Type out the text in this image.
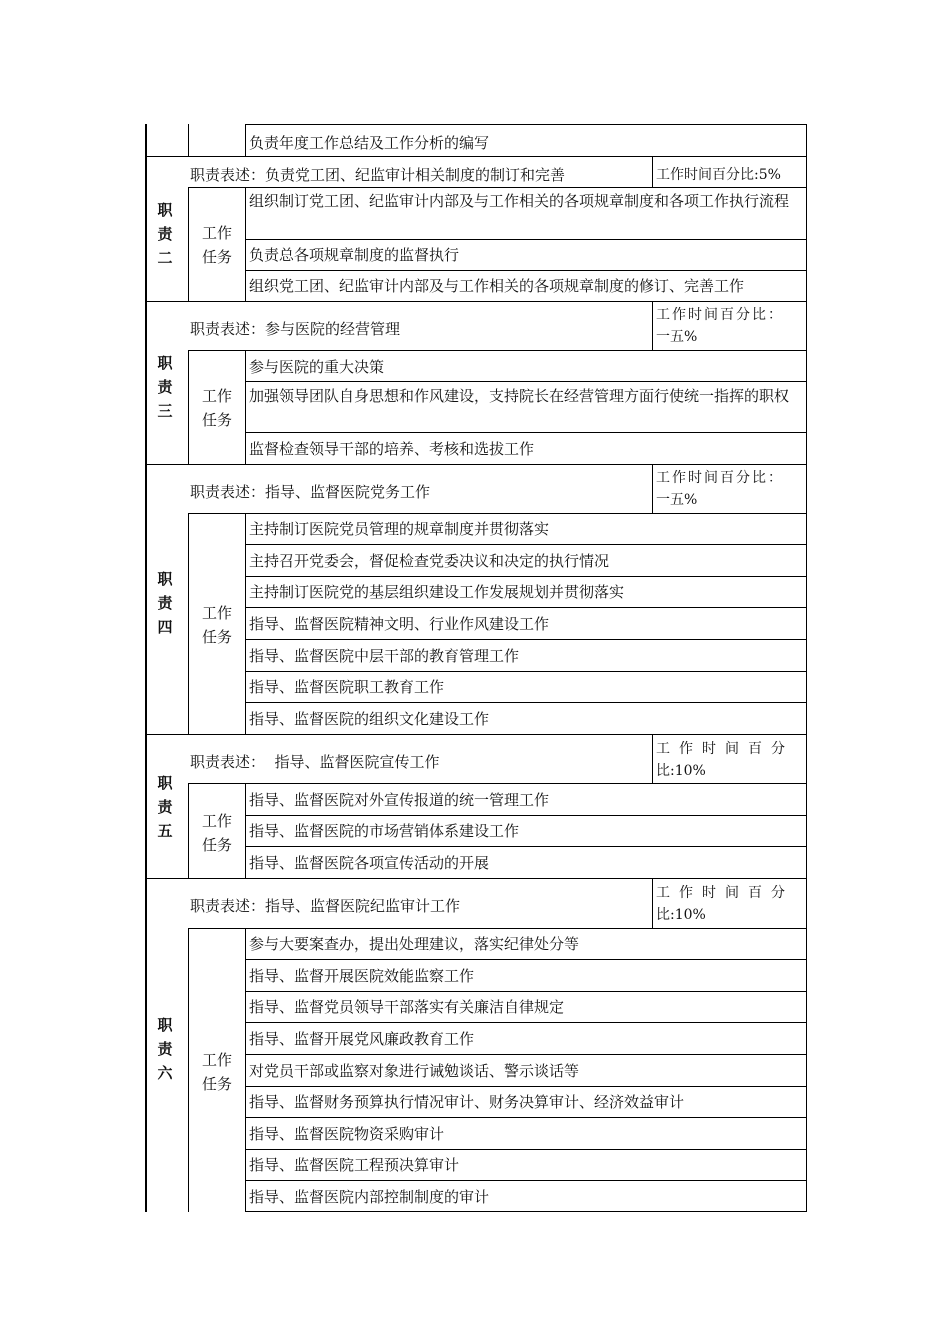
负责年度工作总结及工作分析的编写
职
责
二
职责表述：负责党工团、纪监审计相关制度的制订和完善	工作时间百分比:5%
工作
任务
组织制订党工团、纪监审计内部及与工作相关的各项规章制度和各项工作执行流程
负责总各项规章制度的监督执行
组织党工团、纪监审计内部及与工作相关的各项规章制度的修订、完善工作
职
责
三
职责表述：参与医院的经营管理
工作时间百分比：
一五%
工作
任务
参与医院的重大决策
加强领导团队自身思想和作风建设，支持院长在经营管理方面行使统一指挥的职权
监督检查领导干部的培养、考核和选拔工作
职
责
四
职责表述：指导、监督医院党务工作
工作时间百分比：
一五%
工作
任务
主持制订医院党员管理的规章制度并贯彻落实
主持召开党委会，督促检查党委决议和决定的执行情况
主持制订医院党的基层组织建设工作发展规划并贯彻落实
指导、监督医院精神文明、行业作风建设工作
指导、监督医院中层干部的教育管理工作
指导、监督医院职工教育工作
指导、监督医院的组织文化建设工作
职
责
五
职责表述：  指导、监督医院宣传工作
工作时间百分
比:10%
工作
任务
指导、监督医院对外宣传报道的统一管理工作
指导、监督医院的市场营销体系建设工作
指导、监督医院各项宣传活动的开展
职
责
六
职责表述：指导、监督医院纪监审计工作
工作时间百分
比:10%
工作
任务
参与大要案查办，提出处理建议，落实纪律处分等
指导、监督开展医院效能监察工作
指导、监督党员领导干部落实有关廉洁自律规定
指导、监督开展党风廉政教育工作
对党员干部或监察对象进行诫勉谈话、警示谈话等
指导、监督财务预算执行情况审计、财务决算审计、经济效益审计
指导、监督医院物资采购审计
指导、监督医院工程预决算审计
指导、监督医院内部控制制度的审计
